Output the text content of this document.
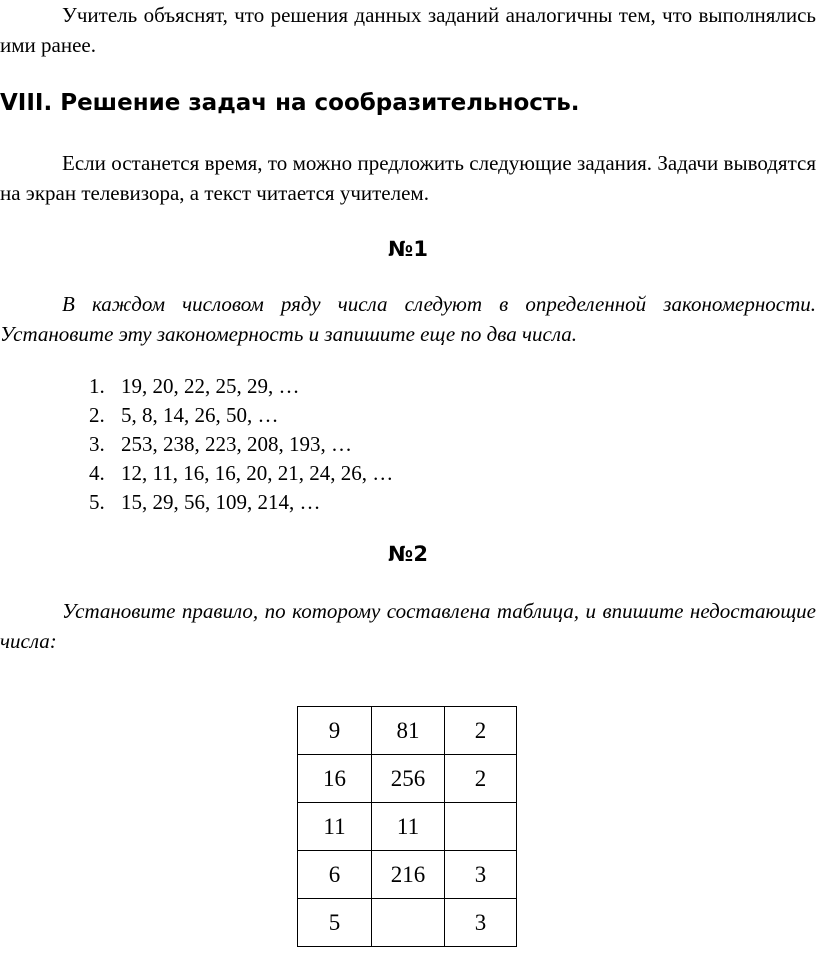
Учитель объяснят, что решения данных заданий аналогичны тем, что выполнялись ими ранее.

VIII. Решение задач на сообразительность.

Если останется время, то можно предложить следующие задания. Задачи выводятся на экран телевизора, а текст читается учителем.

№1

В каждом числовом ряду числа следуют в определенной закономерности. Установите эту закономерность и запишите еще по два числа.

1. 19, 20, 22, 25, 29, …
2. 5, 8, 14, 26, 50, …
3. 253, 238, 223, 208, 193, …
4. 12, 11, 16, 16, 20, 21, 24, 26, …
5. 15, 29, 56, 109, 214, …
№2

Установите правило, по которому составлена таблица, и впишите недостающие числа:

9	81	2
16	256	2
11	11	
6	216	3
5		3
